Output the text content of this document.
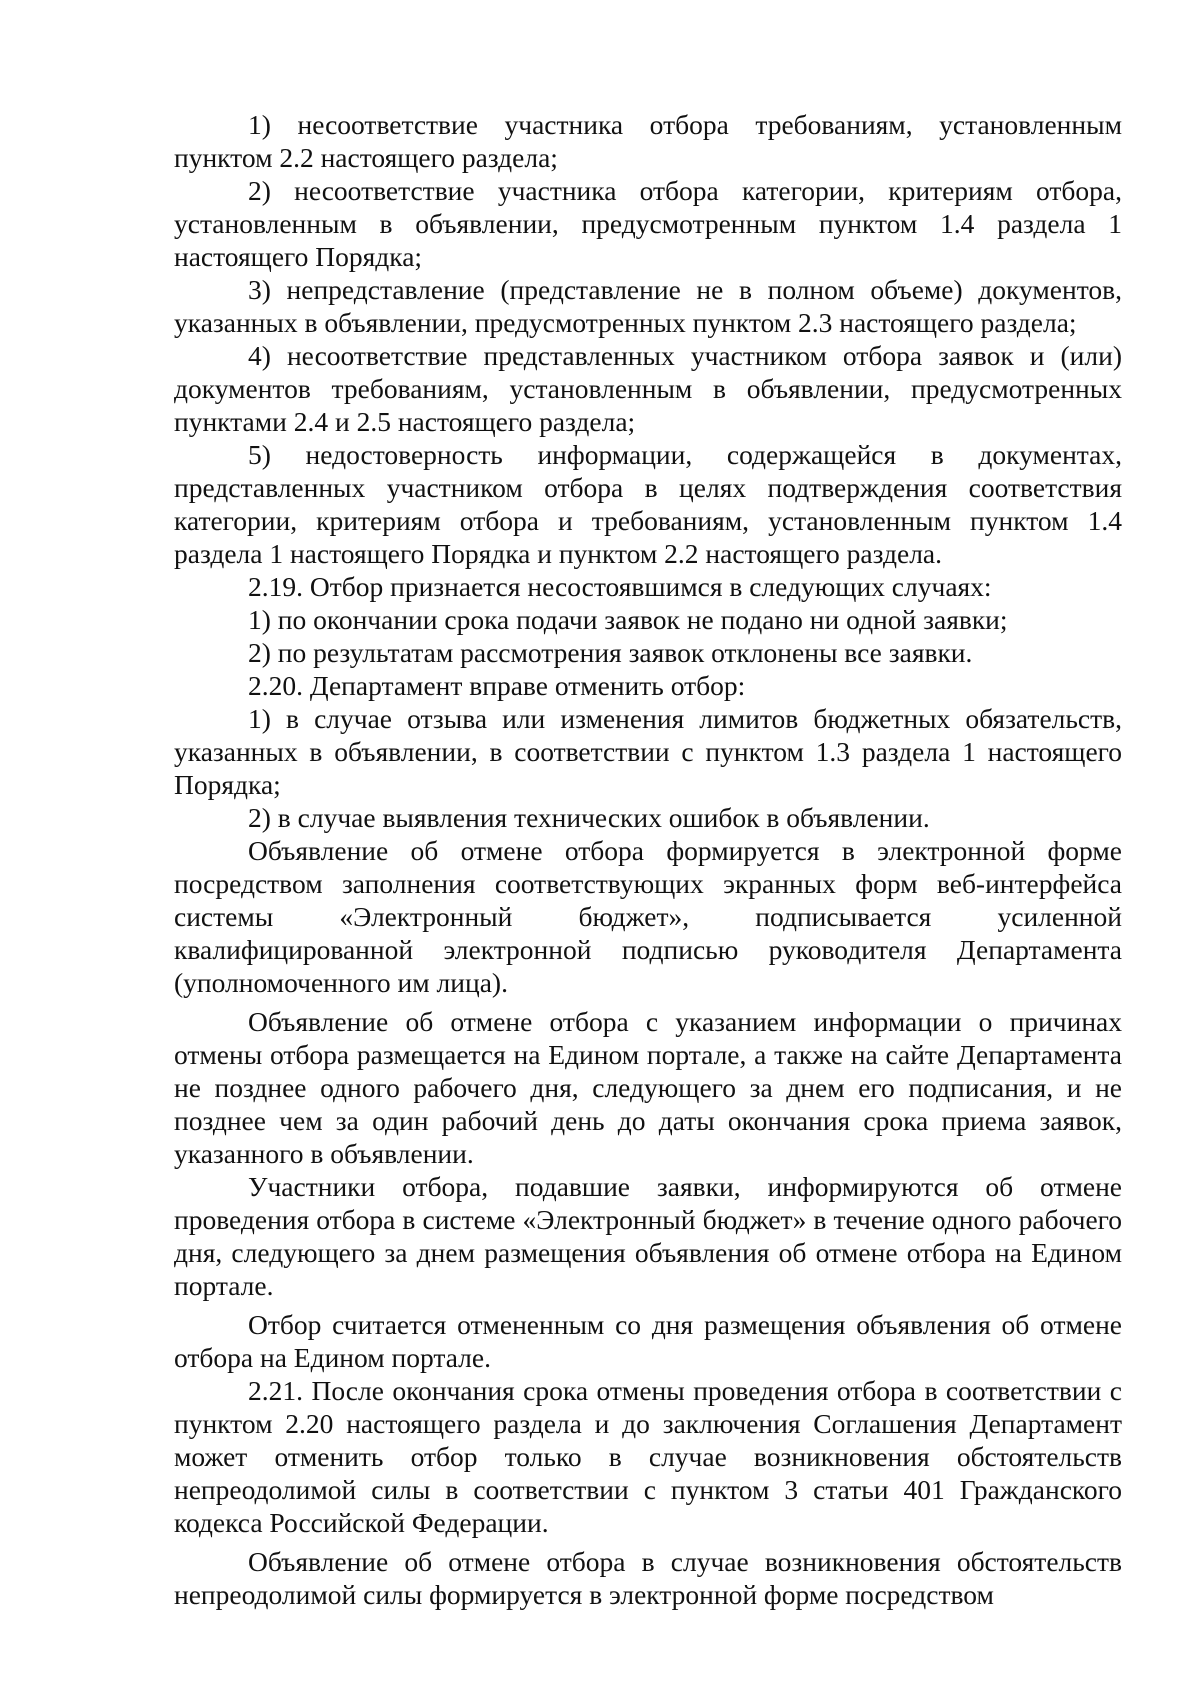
1) несоответствие участника отбора требованиям, установленным пунктом 2.2 настоящего раздела;

2) несоответствие участника отбора категории, критериям отбора, установленным в объявлении, предусмотренным пунктом 1.4 раздела 1 настоящего Порядка;

3) непредставление (представление не в полном объеме) документов, указанных в объявлении, предусмотренных пунктом 2.3 настоящего раздела;

4) несоответствие представленных участником отбора заявок и (или) документов требованиям, установленным в объявлении, предусмотренных пунктами 2.4 и 2.5 настоящего раздела;

5) недостоверность информации, содержащейся в документах, представленных участником отбора в целях подтверждения соответствия категории, критериям отбора и требованиям, установленным пунктом 1.4 раздела 1 настоящего Порядка и пунктом 2.2 настоящего раздела.

2.19. Отбор признается несостоявшимся в следующих случаях:

1) по окончании срока подачи заявок не подано ни одной заявки;

2) по результатам рассмотрения заявок отклонены все заявки.

2.20. Департамент вправе отменить отбор:

1) в случае отзыва или изменения лимитов бюджетных обязательств, указанных в объявлении, в соответствии с пунктом 1.3 раздела 1 настоящего Порядка;

2) в случае выявления технических ошибок в объявлении.

Объявление об отмене отбора формируется в электронной форме посредством заполнения соответствующих экранных форм веб-интерфейса системы «Электронный бюджет», подписывается усиленной квалифицированной электронной подписью руководителя Департамента (уполномоченного им лица).

Объявление об отмене отбора с указанием информации о причинах отмены отбора размещается на Едином портале, а также на сайте Департамента не позднее одного рабочего дня, следующего за днем его подписания, и не позднее чем за один рабочий день до даты окончания срока приема заявок, указанного в объявлении.

Участники отбора, подавшие заявки, информируются об отмене проведения отбора в системе «Электронный бюджет» в течение одного рабочего дня, следующего за днем размещения объявления об отмене отбора на Едином портале.

Отбор считается отмененным со дня размещения объявления об отмене отбора на Едином портале.

2.21. После окончания срока отмены проведения отбора в соответствии с пунктом 2.20 настоящего раздела и до заключения Соглашения Департамент может отменить отбор только в случае возникновения обстоятельств непреодолимой силы в соответствии с пунктом 3 статьи 401 Гражданского кодекса Российской Федерации.

Объявление об отмене отбора в случае возникновения обстоятельств непреодолимой силы формируется в электронной форме посредством
